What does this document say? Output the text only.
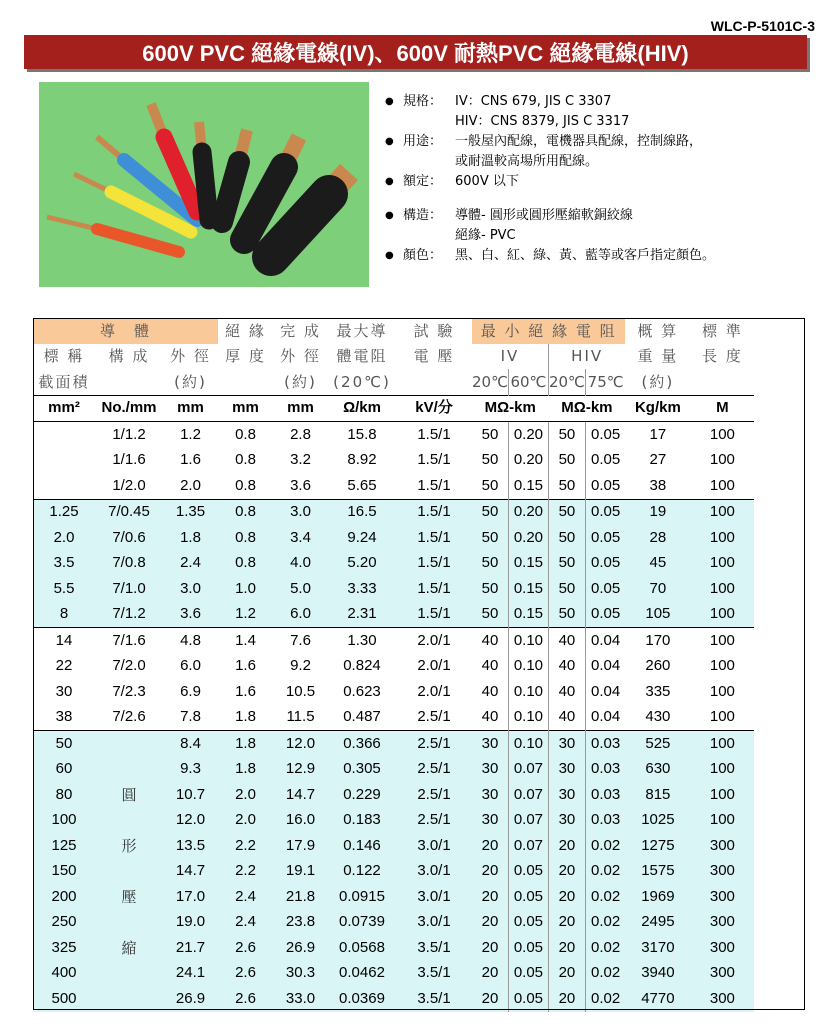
WLC-P-5101C-3
600V PVC 絕緣電線(IV)、600V 耐熱PVC 絕緣電線(HIV)
● 規格： IV：CNS 679, JIS C 3307
HIV：CNS 8379, JIS C 3317
● 用途： 一般屋內配線，電機器具配線，控制線路，
或耐溫較高場所用配線。
● 額定： 600V 以下
● 構造： 導體- 圓形或圓形壓縮軟銅絞線
絕緣- PVC
● 顏色： 黑、白、紅、綠、黃、藍等或客戶指定顏色。
導　體			絕 緣	完 成	最大導	試 驗	最 小 絕 緣 電 阻				概 算	標 準
標 稱	構 成	外 徑	厚 度	外 徑	體電阻	電 壓	IV		HIV		重 量	長 度
截面積		(約)		(約)	(20℃)		20℃	60℃	20℃	75℃	(約)	
mm²	No./mm	mm	mm	mm	Ω/km	kV/分	MΩ-km		MΩ-km		Kg/km	M
	1/1.2	1.2	0.8	2.8	15.8	1.5/1	50	0.20	50	0.05	17	100
	1/1.6	1.6	0.8	3.2	8.92	1.5/1	50	0.20	50	0.05	27	100
	1/2.0	2.0	0.8	3.6	5.65	1.5/1	50	0.15	50	0.05	38	100
1.25	7/0.45	1.35	0.8	3.0	16.5	1.5/1	50	0.20	50	0.05	19	100
2.0	7/0.6	1.8	0.8	3.4	9.24	1.5/1	50	0.20	50	0.05	28	100
3.5	7/0.8	2.4	0.8	4.0	5.20	1.5/1	50	0.15	50	0.05	45	100
5.5	7/1.0	3.0	1.0	5.0	3.33	1.5/1	50	0.15	50	0.05	70	100
8	7/1.2	3.6	1.2	6.0	2.31	1.5/1	50	0.15	50	0.05	105	100
14	7/1.6	4.8	1.4	7.6	1.30	2.0/1	40	0.10	40	0.04	170	100
22	7/2.0	6.0	1.6	9.2	0.824	2.0/1	40	0.10	40	0.04	260	100
30	7/2.3	6.9	1.6	10.5	0.623	2.0/1	40	0.10	40	0.04	335	100
38	7/2.6	7.8	1.8	11.5	0.487	2.5/1	40	0.10	40	0.04	430	100
50		8.4	1.8	12.0	0.366	2.5/1	30	0.10	30	0.03	525	100
60		9.3	1.8	12.9	0.305	2.5/1	30	0.07	30	0.03	630	100
80	圓	10.7	2.0	14.7	0.229	2.5/1	30	0.07	30	0.03	815	100
100		12.0	2.0	16.0	0.183	2.5/1	30	0.07	30	0.03	1025	100
125	形	13.5	2.2	17.9	0.146	3.0/1	20	0.07	20	0.02	1275	300
150		14.7	2.2	19.1	0.122	3.0/1	20	0.05	20	0.02	1575	300
200	壓	17.0	2.4	21.8	0.0915	3.0/1	20	0.05	20	0.02	1969	300
250		19.0	2.4	23.8	0.0739	3.0/1	20	0.05	20	0.02	2495	300
325	縮	21.7	2.6	26.9	0.0568	3.5/1	20	0.05	20	0.02	3170	300
400		24.1	2.6	30.3	0.0462	3.5/1	20	0.05	20	0.02	3940	300
500		26.9	2.6	33.0	0.0369	3.5/1	20	0.05	20	0.02	4770	300
